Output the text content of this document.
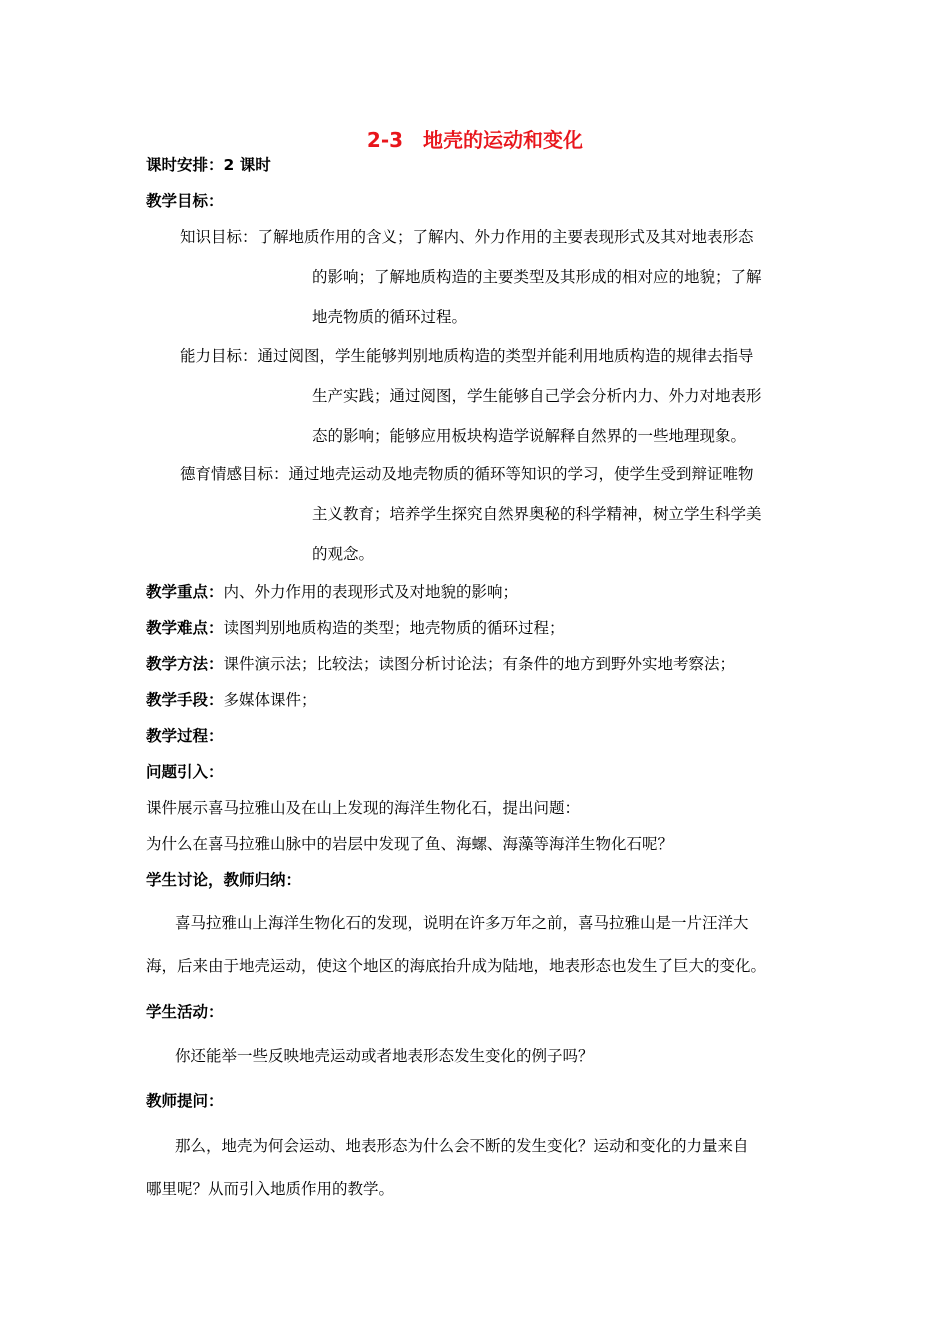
2-3　地壳的运动和变化
课时安排：2 课时
教学目标：
知识目标：了解地质作用的含义；了解内、外力作用的主要表现形式及其对地表形态
的影响；了解地质构造的主要类型及其形成的相对应的地貌；了解
地壳物质的循环过程。
能力目标：通过阅图，学生能够判别地质构造的类型并能利用地质构造的规律去指导
生产实践；通过阅图，学生能够自己学会分析内力、外力对地表形
态的影响；能够应用板块构造学说解释自然界的一些地理现象。
德育情感目标：通过地壳运动及地壳物质的循环等知识的学习，使学生受到辩证唯物
主义教育；培养学生探究自然界奥秘的科学精神，树立学生科学美
的观念。
教学重点：内、外力作用的表现形式及对地貌的影响；
教学难点：读图判别地质构造的类型；地壳物质的循环过程；
教学方法：课件演示法；比较法；读图分析讨论法；有条件的地方到野外实地考察法；
教学手段：多媒体课件；
教学过程：
问题引入：
课件展示喜马拉雅山及在山上发现的海洋生物化石，提出问题：
为什么在喜马拉雅山脉中的岩层中发现了鱼、海螺、海藻等海洋生物化石呢？
学生讨论，教师归纳：
喜马拉雅山上海洋生物化石的发现，说明在许多万年之前，喜马拉雅山是一片汪洋大
海，后来由于地壳运动，使这个地区的海底抬升成为陆地，地表形态也发生了巨大的变化。
学生活动：
你还能举一些反映地壳运动或者地表形态发生变化的例子吗？
教师提问：
那么，地壳为何会运动、地表形态为什么会不断的发生变化？运动和变化的力量来自
哪里呢？从而引入地质作用的教学。
